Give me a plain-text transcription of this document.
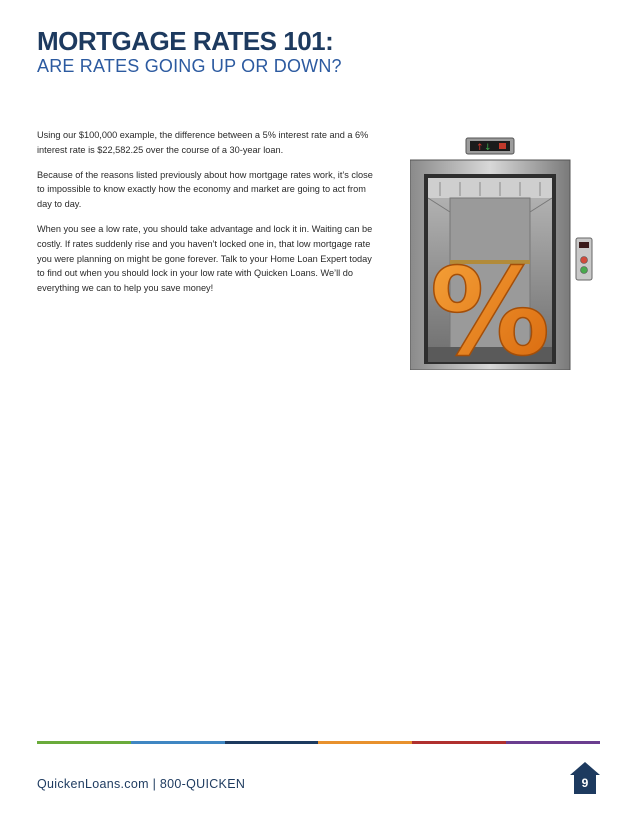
MORTGAGE RATES 101:
ARE RATES GOING UP OR DOWN?

Using our $100,000 example, the difference between a 5% interest rate and a 6% interest rate is $22,582.25 over the course of a 30-year loan.

Because of the reasons listed previously about how mortgage rates work, it’s close to impossible to know exactly how the economy and market are going to act from day to day.

When you see a low rate, you should take advantage and lock it in. Waiting can be costly. If rates suddenly rise and you haven’t locked one in, that low mortgage rate you were planning on might be gone forever. Talk to your Home Loan Expert today to find out when you should lock in your low rate with Quicken Loans. We’ll do everything we can to help you save money!

↑ ↓
%
QuickenLoans.com | 800-QUICKEN	9
